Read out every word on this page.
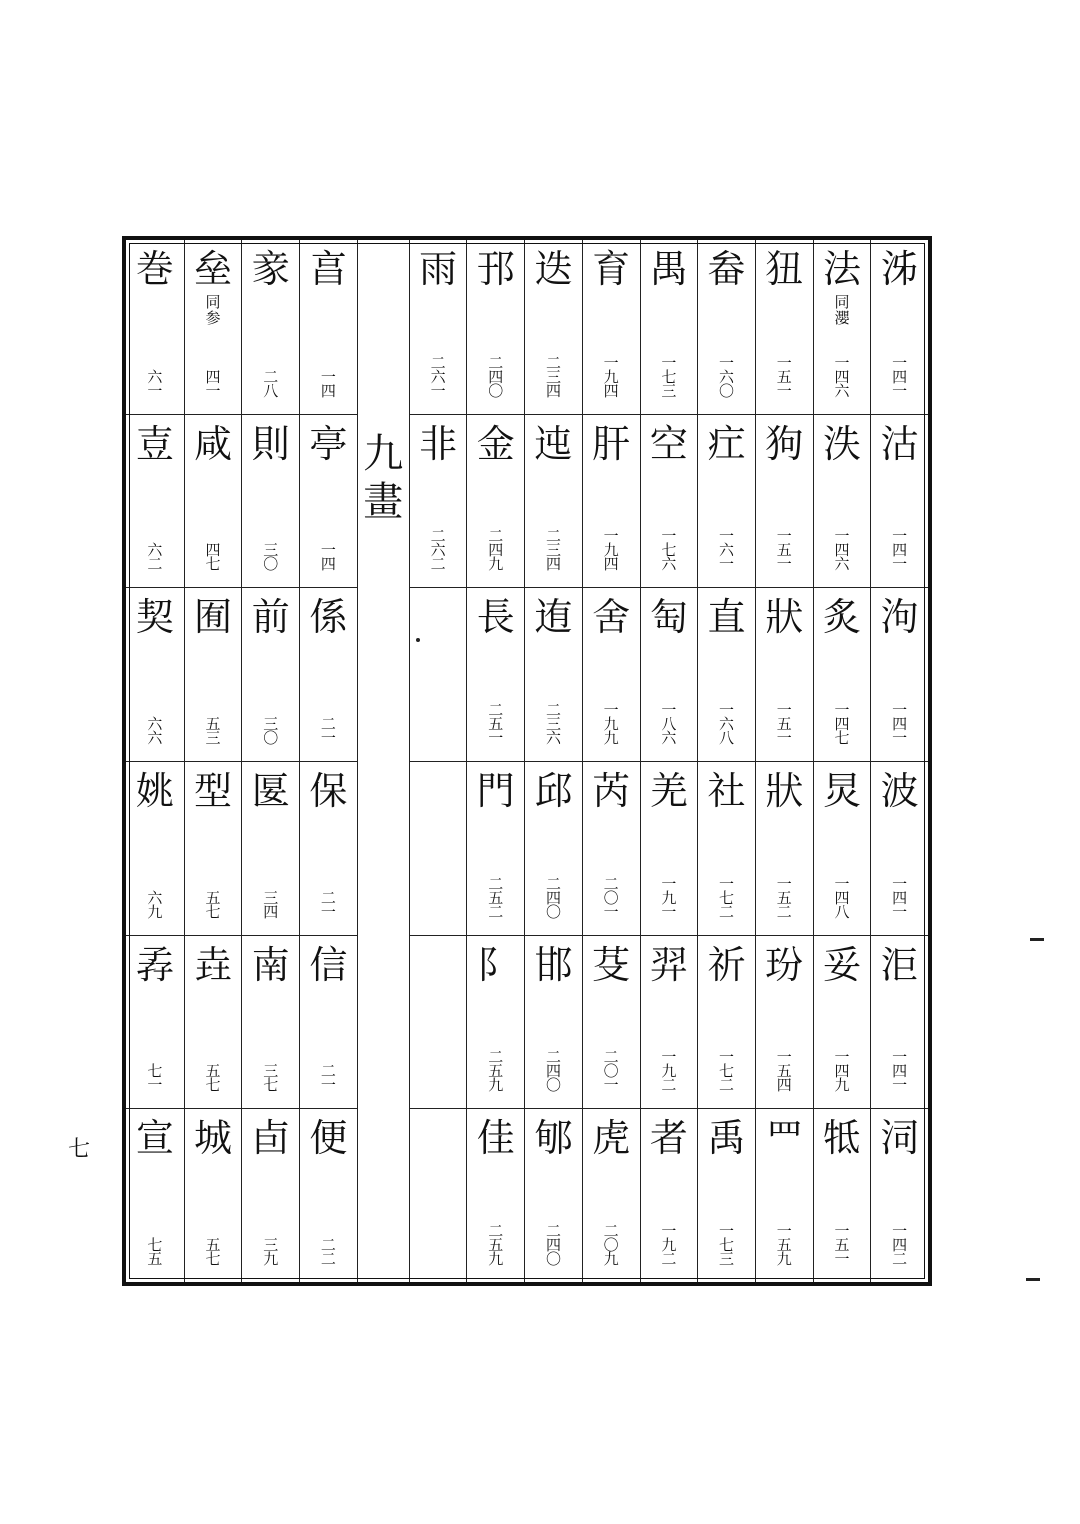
巻
六
一
壴
六
二
契
六
六
姚
六
九
孨
七
一
宣
七
五
垒
同
参
四
一
咸
四
七
囿
五
三
型
五
七
垚
五
七
城
五
七
豙
二
八
則
三
〇
前
三
〇
匽
三
四
南
三
七
卣
三
九
亯
一
四
亭
一
四
係
二
一
保
二
一
信
二
一
便
二
二
九
畫
雨
二
六
一
非
二
六
二
邘
二
四
〇
金
二
四
九
長
二
五
一
門
二
五
二
阝
二
五
九
佳
二
五
九
迭
二
三
四
迍
二
三
四
迶
二
三
六
邱
二
四
〇
邯
二
四
〇
郇
二
四
〇
育
一
九
四
肝
一
九
四
舍
一
九
九
芮
二
〇
一
芟
二
〇
一
虎
二
〇
九
禺
一
七
三
空
一
七
六
匋
一
八
六
羌
一
九
一
羿
一
九
二
者
一
九
二
畚
一
六
〇
疘
一
六
一
直
一
六
八
社
一
七
二
祈
一
七
二
禹
一
七
三
狃
一
五
一
狗
一
五
一
狀
一
五
一
狀
一
五
二
玢
一
五
四
罒
一
五
九
法
同
瀴
一
四
六
泆
一
四
六
炙
一
四
七
炅
一
四
八
妥
一
四
九
牴
一
五
一
泲
一
四
一
沽
一
四
一
泃
一
四
一
波
一
四
一
洰
一
四
一
泀
一
四
二
七
